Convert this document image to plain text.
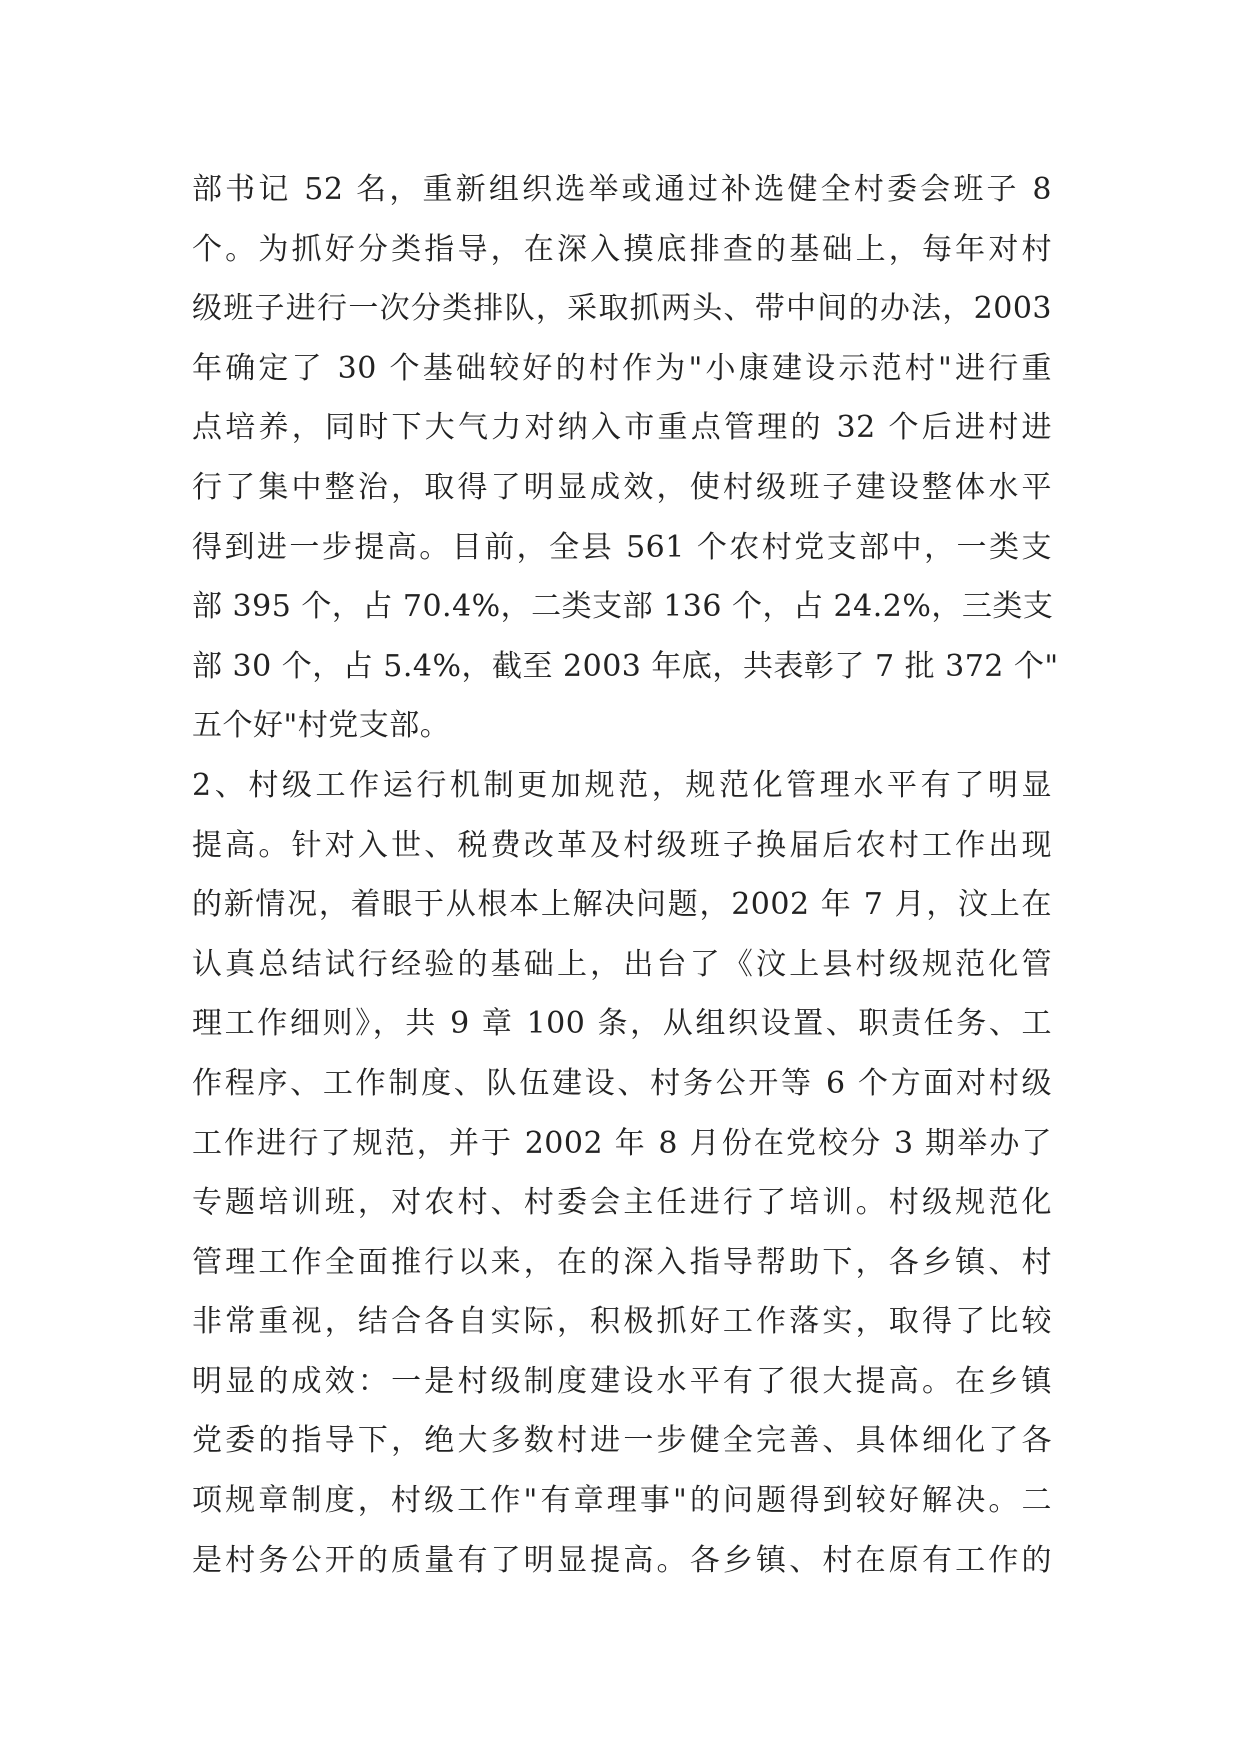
部书记 52 名，重新组织选举或通过补选健全村委会班子 8
个。为抓好分类指导，在深入摸底排查的基础上，每年对村
级班子进行一次分类排队，采取抓两头、带中间的办法，2003
年确定了 30 个基础较好的村作为"小康建设示范村"进行重
点培养，同时下大气力对纳入市重点管理的 32 个后进村进
行了集中整治，取得了明显成效，使村级班子建设整体水平
得到进一步提高。目前，全县 561 个农村党支部中，一类支
部 395 个，占 70.4%，二类支部 136 个，占 24.2%，三类支
部 30 个，占 5.4%，截至 2003 年底，共表彰了 7 批 372 个"
五个好"村党支部。
2、村级工作运行机制更加规范，规范化管理水平有了明显
提高。针对入世、税费改革及村级班子换届后农村工作出现
的新情况，着眼于从根本上解决问题，2002 年 7 月，汶上在
认真总结试行经验的基础上，出台了《汶上县村级规范化管
理工作细则》，共 9 章 100 条，从组织设置、职责任务、工
作程序、工作制度、队伍建设、村务公开等 6 个方面对村级
工作进行了规范，并于 2002 年 8 月份在党校分 3 期举办了
专题培训班，对农村、村委会主任进行了培训。村级规范化
管理工作全面推行以来，在的深入指导帮助下，各乡镇、村
非常重视，结合各自实际，积极抓好工作落实，取得了比较
明显的成效：一是村级制度建设水平有了很大提高。在乡镇
党委的指导下，绝大多数村进一步健全完善、具体细化了各
项规章制度，村级工作"有章理事"的问题得到较好解决。二
是村务公开的质量有了明显提高。各乡镇、村在原有工作的
